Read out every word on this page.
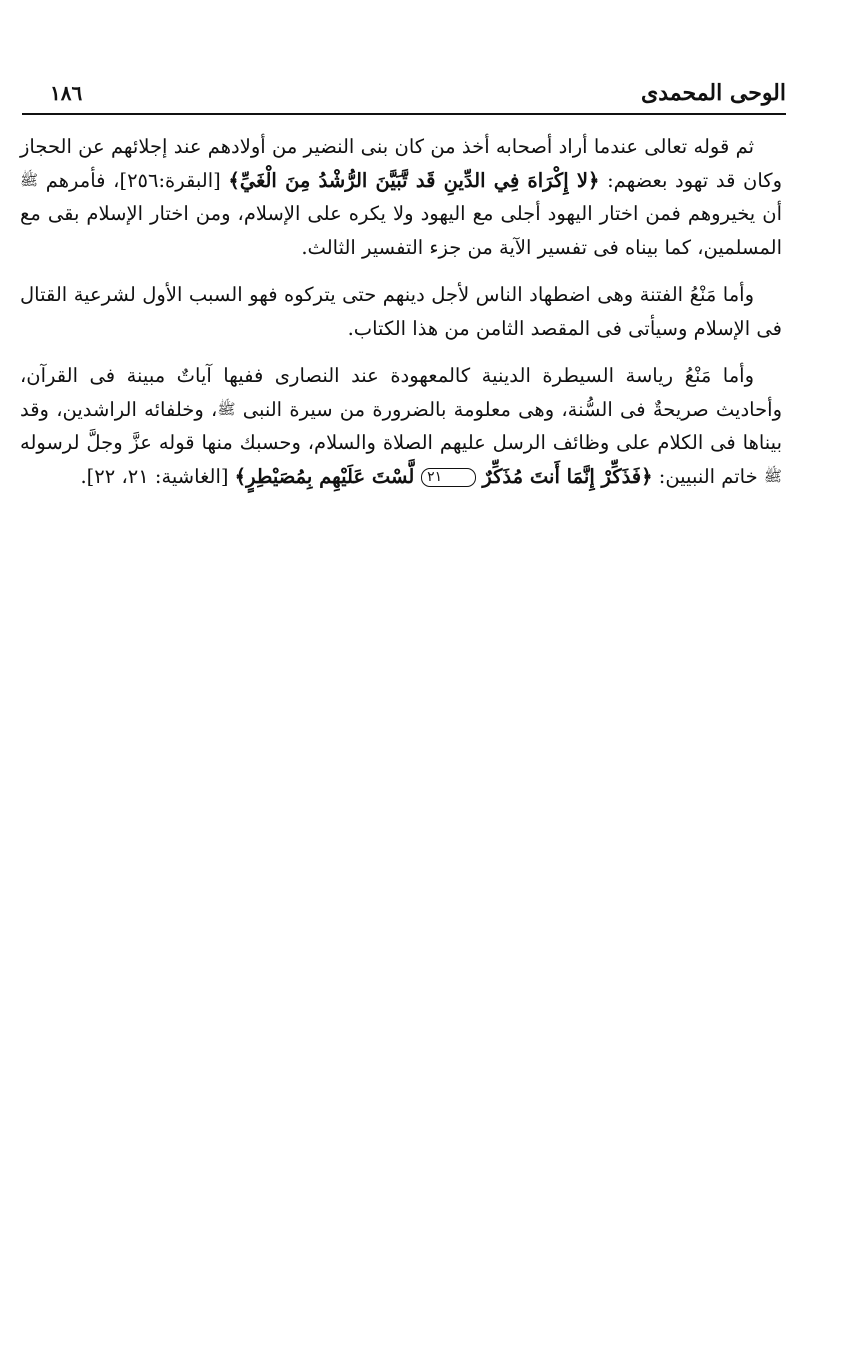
الوحى المحمدى
١٨٦

ثم قوله تعالى عندما أراد أصحابه أخذ من كان بنى النضير من أولادهم عند إجلائهم عن الحجاز وكان قد تهود بعضهم: ﴿لا إِكْرَاهَ فِي الدِّينِ قَد تَّبَيَّنَ الرُّشْدُ مِنَ الْغَيِّ﴾ [البقرة:٢٥٦]، فأمرهم ﷺ أن يخيروهم فمن اختار اليهود أجلى مع اليهود ولا يكره على الإسلام، ومن اختار الإسلام بقى مع المسلمين، كما بيناه فى تفسير الآية من جزء التفسير الثالث.

وأما مَنْعُ الفتنة وهى اضطهاد الناس لأجل دينهم حتى يتركوه فهو السبب الأول لشرعية القتال فى الإسلام وسيأتى فى المقصد الثامن من هذا الكتاب.

وأما مَنْعُ رياسة السيطرة الدينية كالمعهودة عند النصارى ففيها آياتٌ مبينة فى القرآن، وأحاديث صريحةٌ فى السُّنة، وهى معلومة بالضرورة من سيرة النبى ﷺ، وخلفائه الراشدين، وقد بيناها فى الكلام على وظائف الرسل عليهم الصلاة والسلام، وحسبك منها قوله عزَّ وجلَّ لرسوله ﷺ خاتم النبيين: ﴿فَذَكِّرْ إِنَّمَا أَنتَ مُذَكِّرٌ ٢١ لَّسْتَ عَلَيْهِم بِمُصَيْطِرٍ﴾ [الغاشية: ٢١، ٢٢].
